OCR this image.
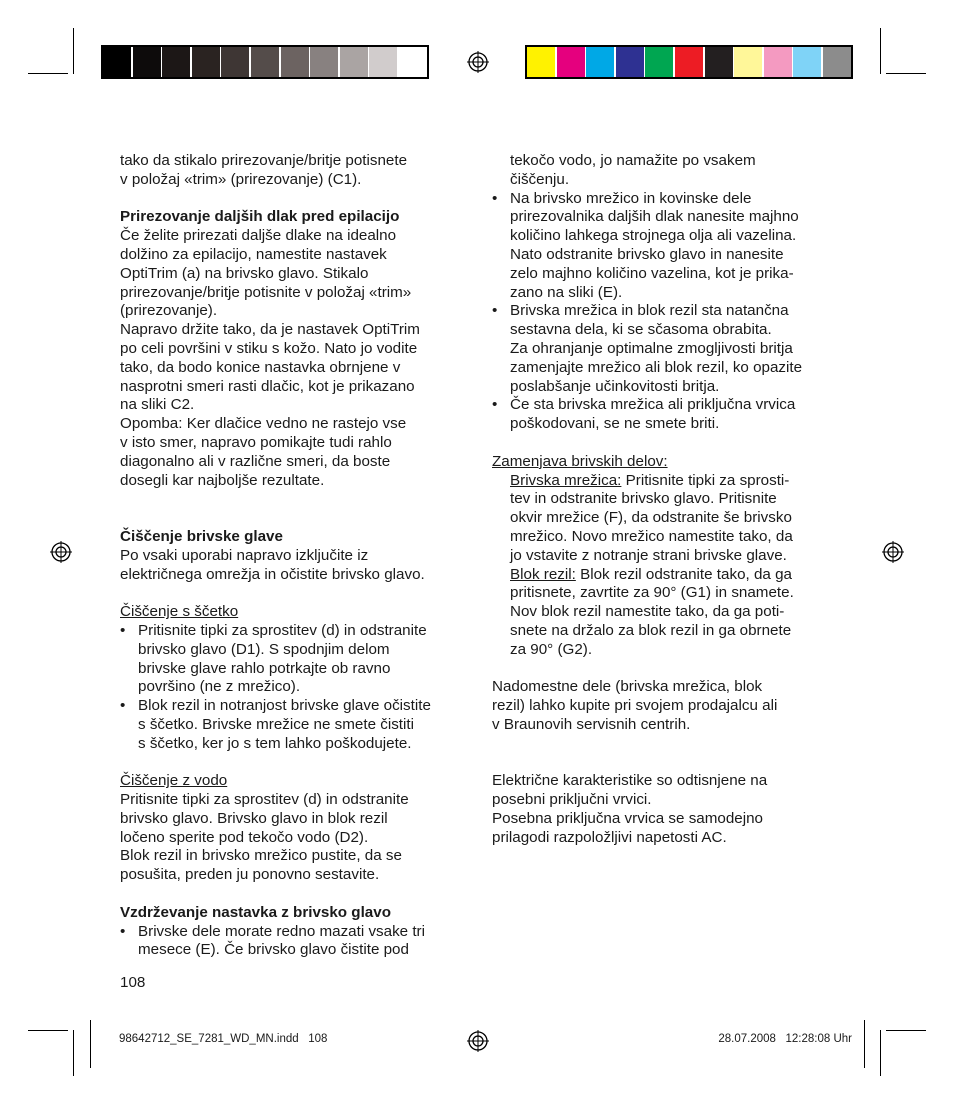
tako da stikalo prirezovanje/britje potisnete

v položaj «trim» (prirezovanje) (C1).

Prirezovanje daljših dlak pred epilacijo

Če želite prirezati daljše dlake na idealno

dolžino za epilacijo, namestite nastavek

OptiTrim (a) na brivsko glavo. Stikalo

prirezovanje/britje potisnite v položaj «trim»

(prirezovanje).

Napravo držite tako, da je nastavek OptiTrim

po celi površini v stiku s kožo. Nato jo vodite

tako, da bodo konice nastavka obrnjene v

nasprotni smeri rasti dlačic, kot je prikazano

na sliki C2.

Opomba: Ker dlačice vedno ne rastejo vse

v isto smer, napravo pomikajte tudi rahlo

diagonalno ali v različne smeri, da boste

dosegli kar najboljše rezultate.

Čiščenje brivske glave

Po vsaki uporabi napravo izključite iz

električnega omrežja in očistite brivsko glavo.

Čiščenje s ščetko

• Pritisnite tipki za sprostitev (d) in odstranite

brivsko glavo (D1). S spodnjim delom

brivske glave rahlo potrkajte ob ravno

površino (ne z mrežico).

• Blok rezil in notranjost brivske glave očistite

s ščetko. Brivske mrežice ne smete čistiti

s ščetko, ker jo s tem lahko poškodujete.

Čiščenje z vodo

Pritisnite tipki za sprostitev (d) in odstranite

brivsko glavo. Brivsko glavo in blok rezil

ločeno sperite pod tekočo vodo (D2).

Blok rezil in brivsko mrežico pustite, da se

posušita, preden ju ponovno sestavite.

Vzdrževanje nastavka z brivsko glavo

• Brivske dele morate redno mazati vsake tri

mesece (E). Če brivsko glavo čistite pod

108

tekočo vodo, jo namažite po vsakem

čiščenju.

• Na brivsko mrežico in kovinske dele

prirezovalnika daljših dlak nanesite majhno

količino lahkega strojnega olja ali vazelina.

Nato odstranite brivsko glavo in nanesite

zelo majhno količino vazelina, kot je prika-

zano na sliki (E).

• Brivska mrežica in blok rezil sta natančna

sestavna dela, ki se sčasoma obrabita.

Za ohranjanje optimalne zmogljivosti britja

zamenjajte mrežico ali blok rezil, ko opazite

poslabšanje učinkovitosti britja.

• Če sta brivska mrežica ali priključna vrvica

poškodovani, se ne smete briti.

Zamenjava brivskih delov:

Brivska mrežica: Pritisnite tipki za sprosti-

tev in odstranite brivsko glavo. Pritisnite

okvir mrežice (F), da odstranite še brivsko

mrežico. Novo mrežico namestite tako, da

jo vstavite z notranje strani brivske glave.

Blok rezil: Blok rezil odstranite tako, da ga

pritisnete, zavrtite za 90° (G1) in snamete.

Nov blok rezil namestite tako, da ga poti-

snete na držalo za blok rezil in ga obrnete

za 90° (G2).

Nadomestne dele (brivska mrežica, blok

rezil) lahko kupite pri svojem prodajalcu ali

v Braunovih servisnih centrih.

Električne karakteristike so odtisnjene na

posebni priključni vrvici.

Posebna priključna vrvica se samodejno

prilagodi razpoložljivi napetosti AC.

98642712_SE_7281_WD_MN.indd   108	28.07.2008   12:28:08 Uhr
